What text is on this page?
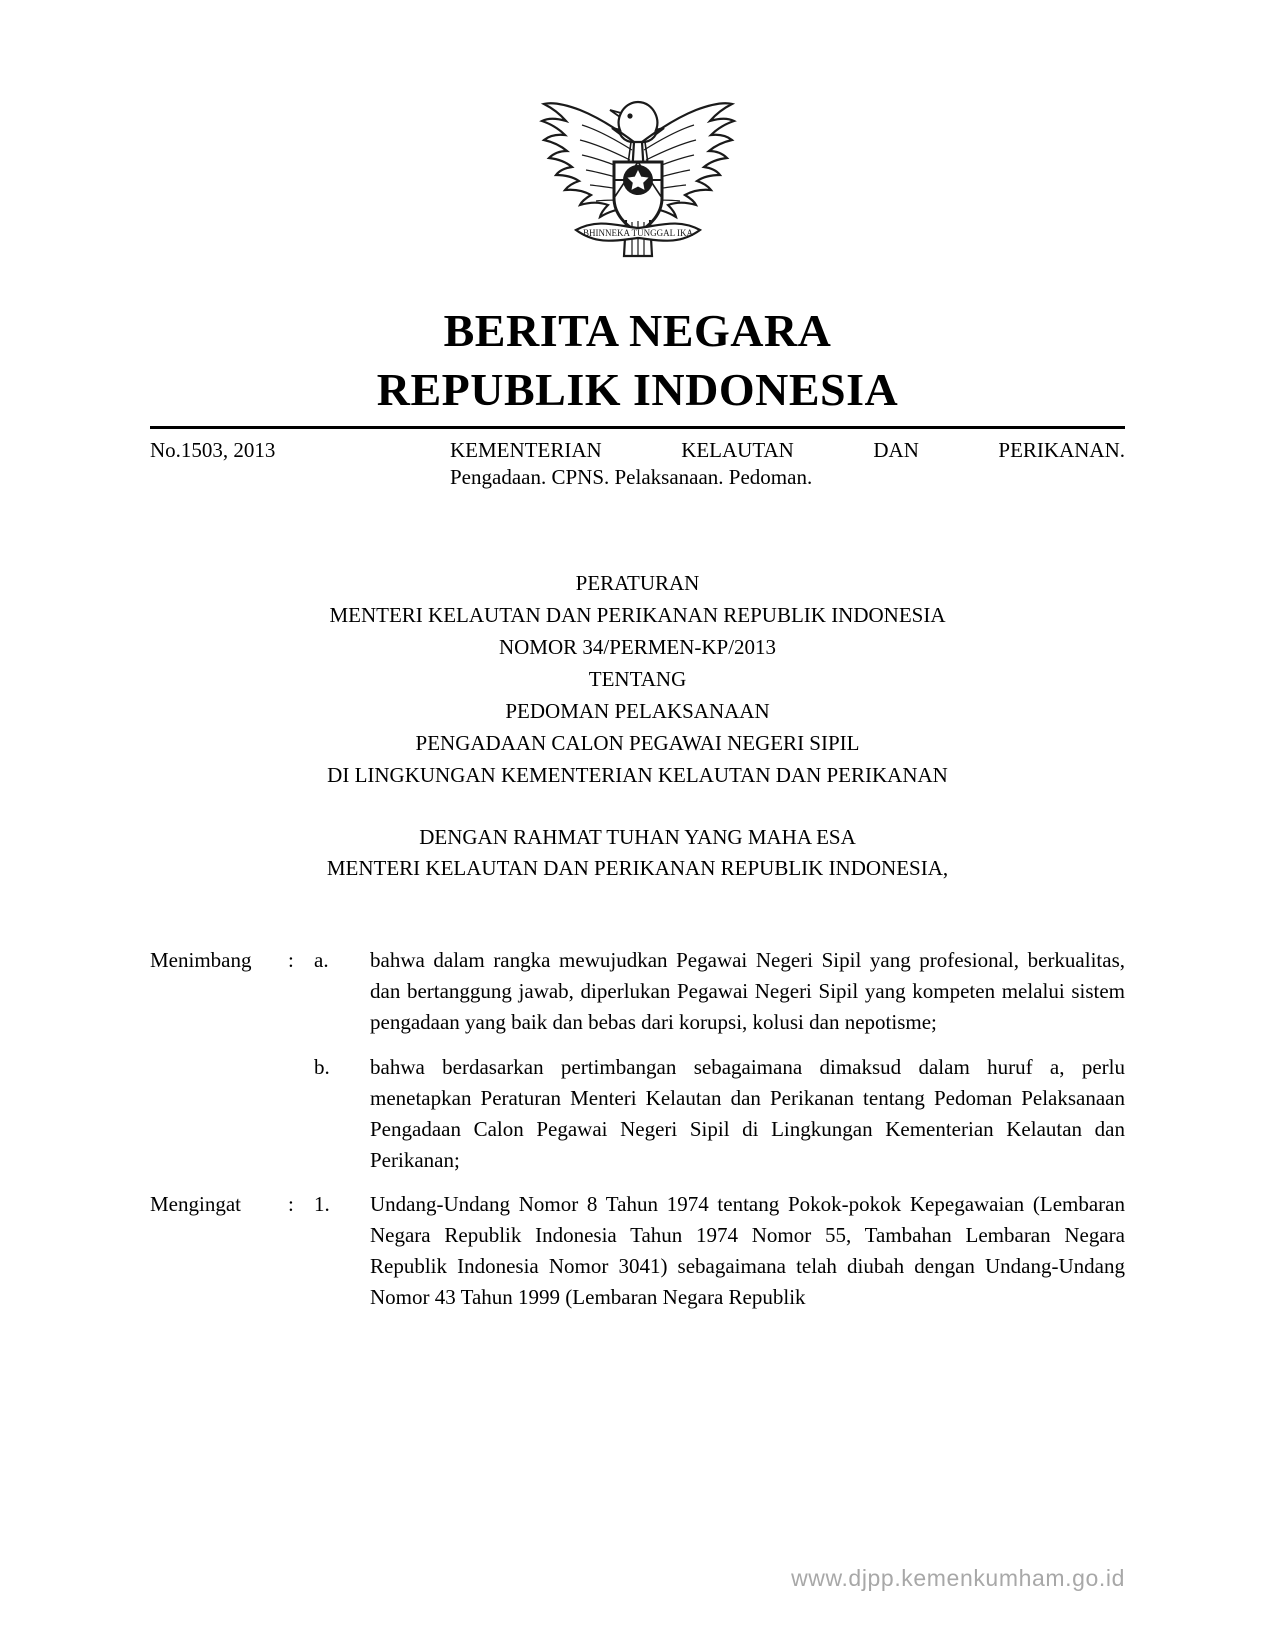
BHINNEKA TUNGGAL IKA
BERITA NEGARA
REPUBLIK INDONESIA
No.1503, 2013	KEMENTERIAN KELAUTAN DAN PERIKANAN.

Pengadaan. CPNS. Pelaksanaan. Pedoman.

PERATURAN
MENTERI KELAUTAN DAN PERIKANAN REPUBLIK INDONESIA
NOMOR 34/PERMEN-KP/2013
TENTANG
PEDOMAN PELAKSANAAN
PENGADAAN CALON PEGAWAI NEGERI SIPIL
DI LINGKUNGAN KEMENTERIAN KELAUTAN DAN PERIKANAN
DENGAN RAHMAT TUHAN YANG MAHA ESA
MENTERI KELAUTAN DAN PERIKANAN REPUBLIK INDONESIA,
Menimbang	: a.	bahwa dalam rangka mewujudkan Pegawai Negeri Sipil yang profesional, berkualitas, dan bertanggung jawab, diperlukan Pegawai Negeri Sipil yang kompeten melalui sistem pengadaan yang baik dan bebas dari korupsi, kolusi dan nepotisme;
b.	bahwa berdasarkan pertimbangan sebagaimana dimaksud dalam huruf a, perlu menetapkan Peraturan Menteri Kelautan dan Perikanan tentang Pedoman Pelaksanaan Pengadaan Calon Pegawai Negeri Sipil di Lingkungan Kementerian Kelautan dan Perikanan;
Mengingat	: 1.	Undang-Undang Nomor 8 Tahun 1974 tentang Pokok-pokok Kepegawaian (Lembaran Negara Republik Indonesia Tahun 1974 Nomor 55, Tambahan Lembaran Negara Republik Indonesia Nomor 3041) sebagaimana telah diubah dengan Undang-Undang Nomor 43 Tahun 1999 (Lembaran Negara Republik
www.djpp.kemenkumham.go.id
